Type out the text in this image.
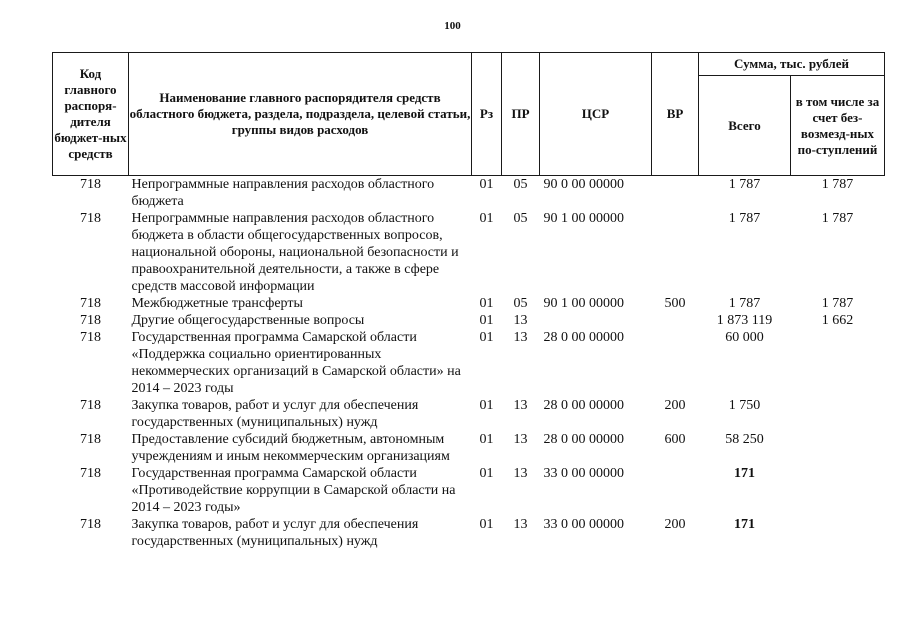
100
Код главного распоря-дителя бюджет-ных средств	Наименование главного распорядителя средств областного бюджета, раздела, подраздела, целевой статьи, группы видов расходов	Рз	ПР	ЦСР	ВР	Сумма, тыс. рублей	
						Всего	в том числе за счет без-возмезд-ных по-ступлений
718	Непрограммные направления расходов областного бюджета	01	05	90 0 00 00000		1 787	1 787
718	Непрограммные направления расходов областного бюджета в области общегосударственных вопросов, национальной обороны, национальной безопасности и правоохранительной деятельности, а также в сфере средств массовой информации	01	05	90 1 00 00000		1 787	1 787
718	Межбюджетные трансферты	01	05	90 1 00 00000	500	1 787	1 787
718	Другие общегосударственные вопросы	01	13			1 873 119	1 662
718	Государственная программа Самарской области «Поддержка социально ориентированных некоммерческих организаций в Самарской области» на 2014 – 2023 годы	01	13	28 0 00 00000		60 000	
718	Закупка товаров, работ и услуг для обеспечения государственных (муниципальных) нужд	01	13	28 0 00 00000	200	1 750	
718	Предоставление субсидий бюджетным, автономным учреждениям и иным некоммерческим организациям	01	13	28 0 00 00000	600	58 250	
718	Государственная программа Самарской области «Противодействие коррупции в Самарской области на 2014 – 2023 годы»	01	13	33 0 00 00000		171	
718	Закупка товаров, работ и услуг для обеспечения государственных (муниципальных) нужд	01	13	33 0 00 00000	200	171	
